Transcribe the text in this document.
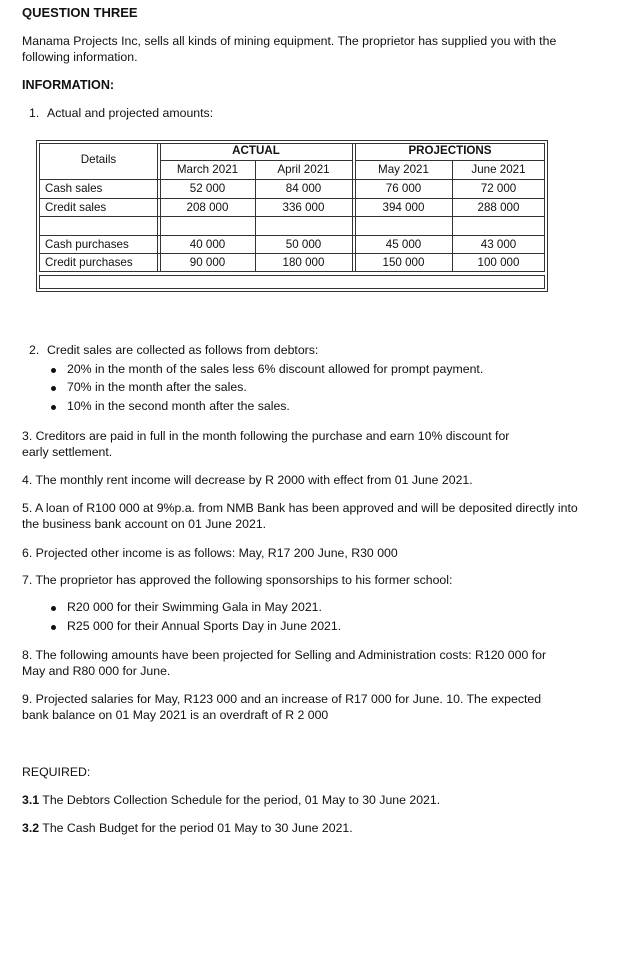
QUESTION THREE
Manama Projects Inc, sells all kinds of mining equipment. The proprietor has supplied you with the following information.
INFORMATION:
1. Actual and projected amounts:
Details
ACTUAL	PROJECTIONS
March 2021	April 2021	May 2021	June 2021
Cash sales	52 000	84 000	76 000	72 000
Credit sales	208 000	336 000	394 000	288 000
Cash purchases	40 000	50 000	45 000	43 000
Credit purchases	90 000	180 000	150 000	100 000
2. Credit sales are collected as follows from debtors:
20% in the month of the sales less 6% discount allowed for prompt payment.
70% in the month after the sales.
10% in the second month after the sales.
3. Creditors are paid in full in the month following the purchase and earn 10% discount for early settlement.
4. The monthly rent income will decrease by R 2000 with effect from 01 June 2021.
5. A loan of R100 000 at 9%p.a. from NMB Bank has been approved and will be deposited directly into the business bank account on 01 June 2021.
6. Projected other income is as follows: May, R17 200 June, R30 000
7. The proprietor has approved the following sponsorships to his former school:
R20 000 for their Swimming Gala in May 2021.
R25 000 for their Annual Sports Day in June 2021.
8. The following amounts have been projected for Selling and Administration costs: R120 000 for May and R80 000 for June.
9. Projected salaries for May, R123 000 and an increase of R17 000 for June. 10. The expected bank balance on 01 May 2021 is an overdraft of R 2 000
REQUIRED:
3.1 The Debtors Collection Schedule for the period, 01 May to 30 June 2021.
3.2 The Cash Budget for the period 01 May to 30 June 2021.
